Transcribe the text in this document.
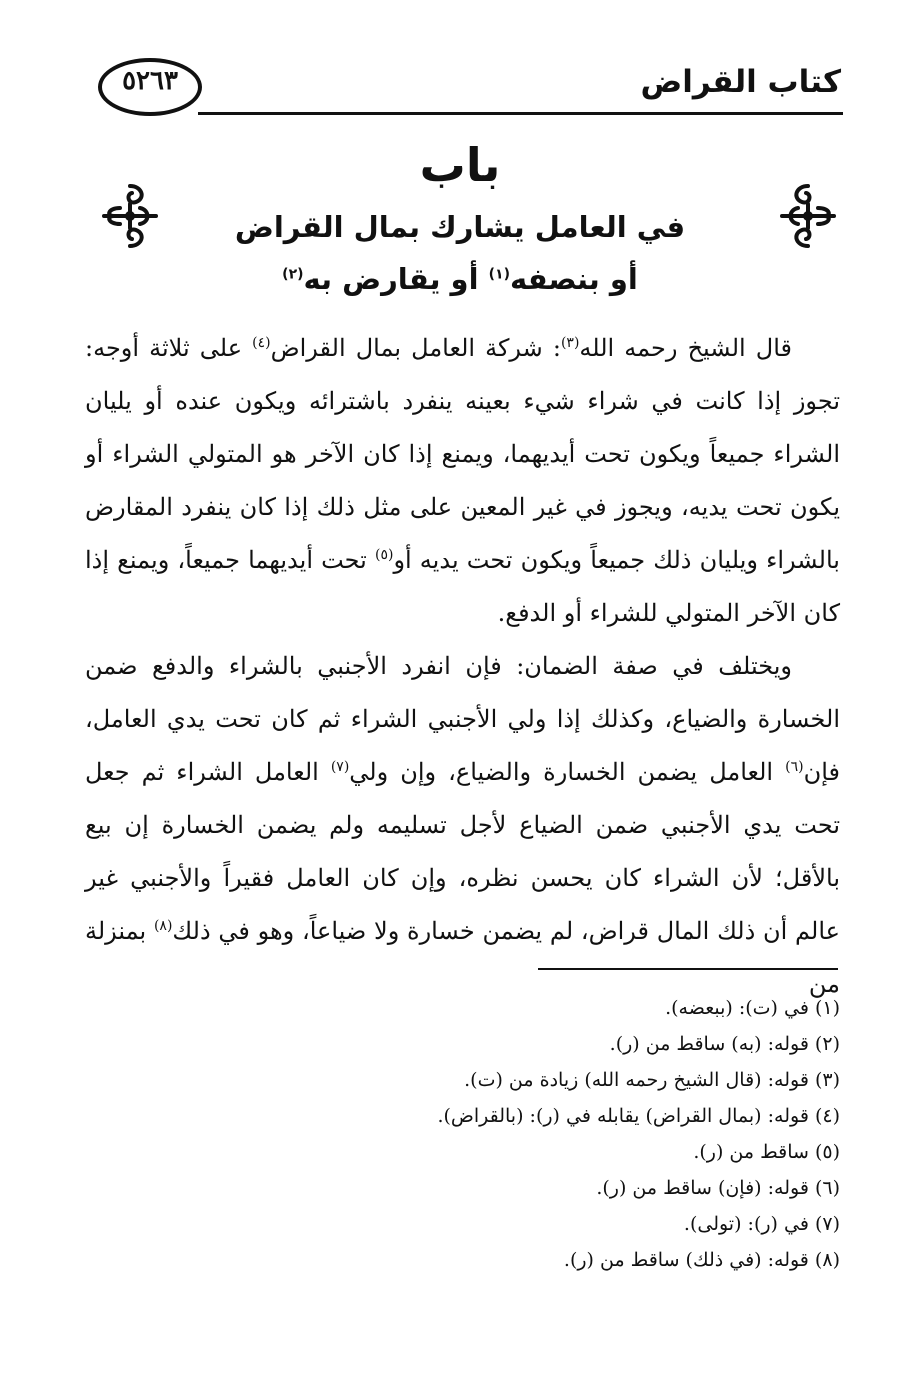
كتاب القراض
٥٢٦٣
باب
في العامل يشارك بمال القراض
أو بنصفه$^{(١)}$ أو يقارض به$^{(٢)}$

قال الشيخ رحمه الله$^{(٣)}$: شركة العامل بمال القراض$^{(٤)}$ على ثلاثة أوجه: تجوز إذا كانت في شراء شيء بعينه ينفرد باشترائه ويكون عنده أو يليان الشراء جميعاً ويكون تحت أيديهما، ويمنع إذا كان الآخر هو المتولي الشراء أو يكون تحت يديه، ويجوز في غير المعين على مثل ذلك إذا كان ينفرد المقارض بالشراء ويليان ذلك جميعاً ويكون تحت يديه أو$^{(٥)}$ تحت أيديهما جميعاً، ويمنع إذا كان الآخر المتولي للشراء أو الدفع.

ويختلف في صفة الضمان: فإن انفرد الأجنبي بالشراء والدفع ضمن الخسارة والضياع، وكذلك إذا ولي الأجنبي الشراء ثم كان تحت يدي العامل، فإن$^{(٦)}$ العامل يضمن الخسارة والضياع، وإن ولي$^{(٧)}$ العامل الشراء ثم جعل تحت يدي الأجنبي ضمن الضياع لأجل تسليمه ولم يضمن الخسارة إن بيع بالأقل؛ لأن الشراء كان يحسن نظره، وإن كان العامل فقيراً والأجنبي غير عالم أن ذلك المال قراض، لم يضمن خسارة ولا ضياعاً، وهو في ذلك$^{(٨)}$ بمنزلة من

(١) في (ت): (ببعضه).
(٢) قوله: (به) ساقط من (ر).
(٣) قوله: (قال الشيخ رحمه الله) زيادة من (ت).
(٤) قوله: (بمال القراض) يقابله في (ر): (بالقراض).
(٥) ساقط من (ر).
(٦) قوله: (فإن) ساقط من (ر).
(٧) في (ر): (تولى).
(٨) قوله: (في ذلك) ساقط من (ر).
